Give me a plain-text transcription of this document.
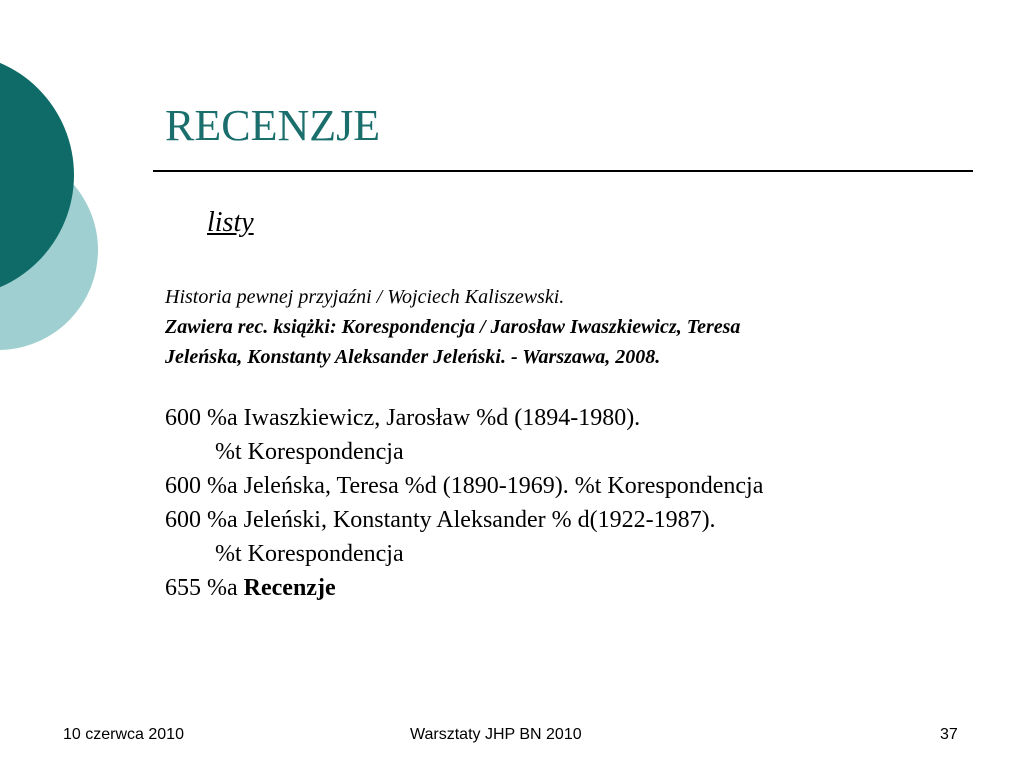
RECENZJE
listy
Historia pewnej przyjaźni / Wojciech Kaliszewski.
Zawiera rec. książki: Korespondencja / Jarosław Iwaszkiewicz, Teresa
Jeleńska, Konstanty Aleksander Jeleński. - Warszawa, 2008.
600 %a Iwaszkiewicz, Jarosław %d (1894-1980).
%t Korespondencja
600 %a Jeleńska, Teresa %d (1890-1969). %t Korespondencja
600 %a Jeleński, Konstanty Aleksander % d(1922-1987).
%t Korespondencja
655 %a Recenzje
10 czerwca 2010	Warsztaty JHP BN 2010	37
